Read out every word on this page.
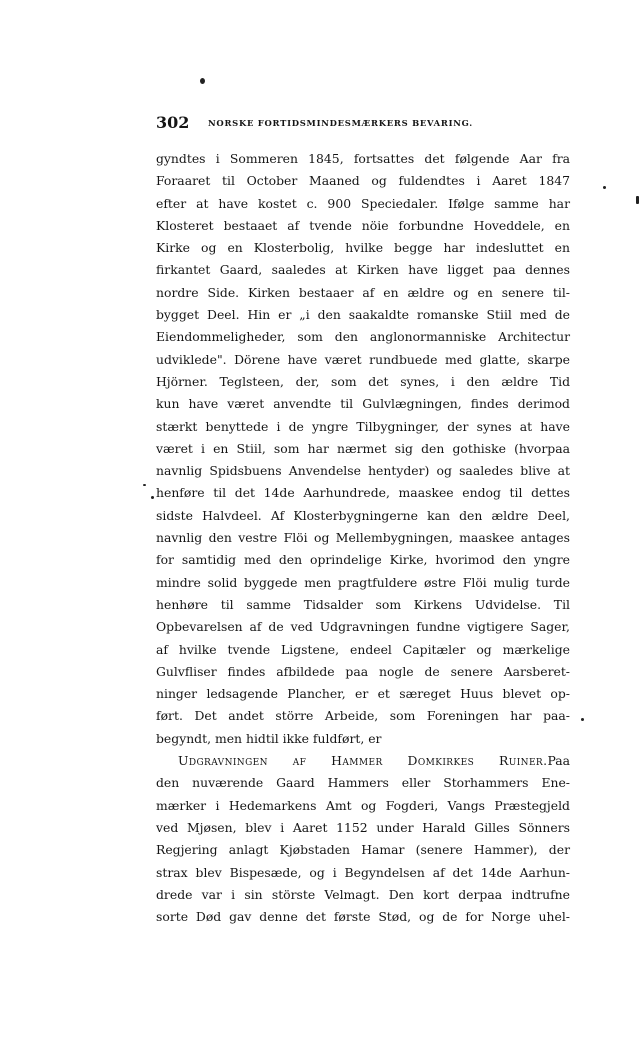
302 NORSKE FORTIDSMINDESMÆRKERS BEVARING.
gyndtes i Sommeren 1845, fortsattes det følgende Aar fra
Foraaret til October Maaned og fuldendtes i Aaret 1847
efter at have kostet c. 900 Speciedaler. Ifølge samme har
Klosteret bestaaet af tvende nöie forbundne Hoveddele, en
Kirke og en Klosterbolig, hvilke begge har indesluttet en
firkantet Gaard, saaledes at Kirken have ligget paa dennes
nordre Side. Kirken bestaaer af en ældre og en senere til-
bygget Deel. Hin er „i den saakaldte romanske Stiil med de
Eiendommeligheder, som den anglonormanniske Architectur
udviklede". Dörene have været rundbuede med glatte, skarpe
Hjörner. Teglsteen, der, som det synes, i den ældre Tid
kun have været anvendte til Gulvlægningen, findes derimod
stærkt benyttede i de yngre Tilbygninger, der synes at have
været i en Stiil, som har nærmet sig den gothiske (hvorpaa
navnlig Spidsbuens Anvendelse hentyder) og saaledes blive at
henføre til det 14de Aarhundrede, maaskee endog til dettes
sidste Halvdeel. Af Klosterbygningerne kan den ældre Deel,
navnlig den vestre Flöi og Mellembygningen, maaskee antages
for samtidig med den oprindelige Kirke, hvorimod den yngre
mindre solid byggede men pragtfuldere østre Flöi mulig turde
henhøre til samme Tidsalder som Kirkens Udvidelse. Til
Opbevarelsen af de ved Udgravningen fundne vigtigere Sager,
af hvilke tvende Ligstene, endeel Capitæler og mærkelige
Gulvfliser findes afbildede paa nogle de senere Aarsberet-
ninger ledsagende Plancher, er et særeget Huus blevet op-
ført. Det andet större Arbeide, som Foreningen har paa-
begyndt, men hidtil ikke fuldført, er
Udgravningen af Hammer Domkirkes Ruiner.Paa
den nuværende Gaard Hammers eller Storhammers Ene-
mærker i Hedemarkens Amt og Fogderi, Vangs Præstegjeld
ved Mjøsen, blev i Aaret 1152 under Harald Gilles Sönners
Regjering anlagt Kjøbstaden Hamar (senere Hammer), der
strax blev Bispesæde, og i Begyndelsen af det 14de Aarhun-
drede var i sin störste Velmagt. Den kort derpaa indtrufne
sorte Død gav denne det første Stød, og de for Norge uhel-
